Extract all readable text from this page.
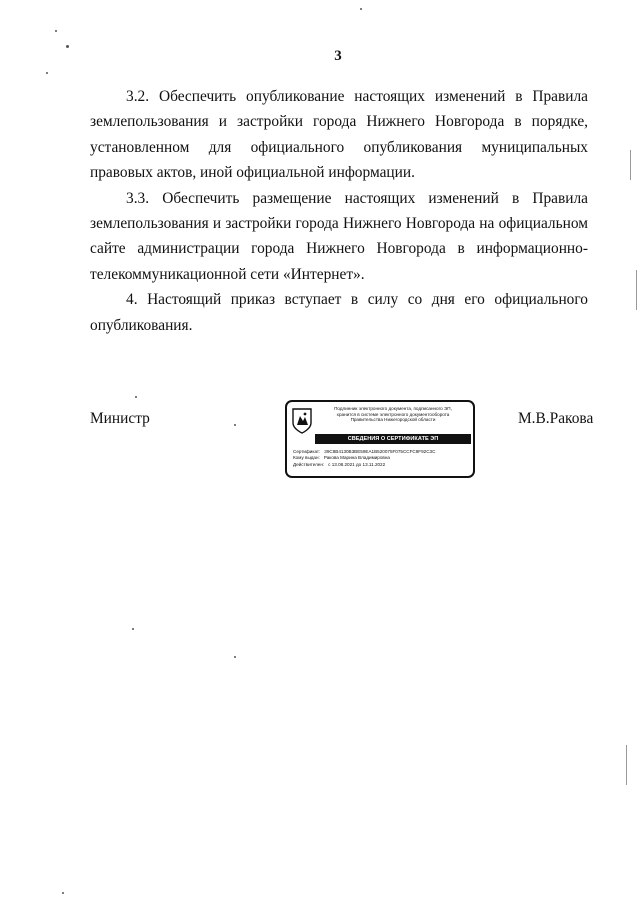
3

3.2. Обеспечить опубликование настоящих изменений в Правила землепользования и застройки города Нижнего Новгорода в порядке, установленном для официального опубликования муниципальных правовых актов, иной официальной информации.

3.3. Обеспечить размещение настоящих изменений в Правила землепользования и застройки города Нижнего Новгорода на официальном сайте администрации города Нижнего Новгорода в информационно-телекоммуникационной сети «Интернет».

4. Настоящий приказ вступает в силу со дня его официального опубликования.

Министр
Подлинник электронного документа, подписанного ЭП,
хранится в системе электронного документооборота
Правительства Нижегородской области
СВЕДЕНИЯ О СЕРТИФИКАТЕ ЭП
Сертификат: 39C8B4130B3BE59EA1B520075F075CCFC9F92C3C
Кому выдан: Ракова Марина Владимировна
Действителен: с 13.08.2021 до 13.11.2022
М.В.Ракова
